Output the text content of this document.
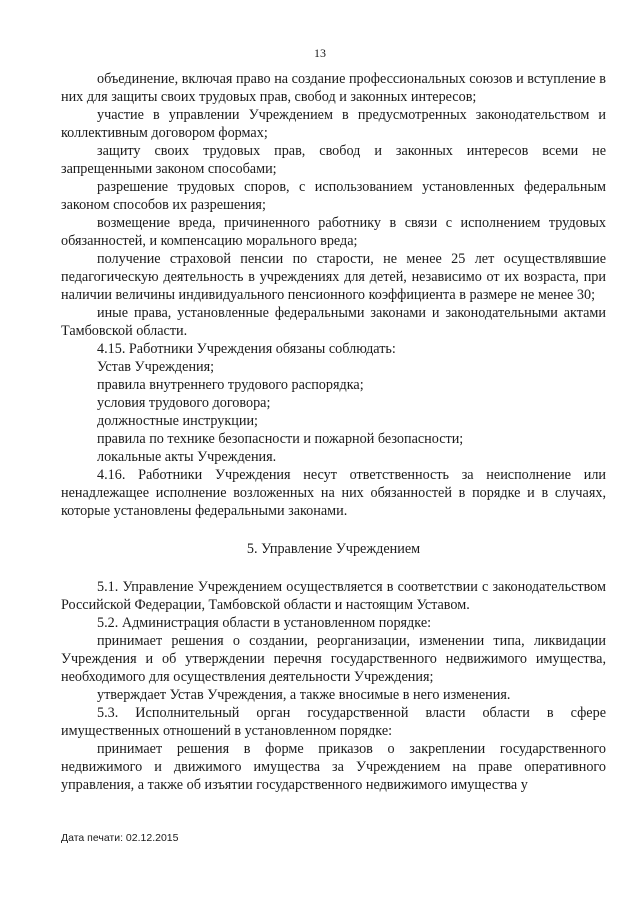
13

объединение, включая право на создание профессиональных союзов и вступление в них для защиты своих трудовых прав, свобод и законных интересов;

участие в управлении Учреждением в предусмотренных законодательством и коллективным договором формах;

защиту своих трудовых прав, свобод и законных интересов всеми не запрещенными законом способами;

разрешение трудовых споров, с использованием установленных федеральным законом способов их разрешения;

возмещение вреда, причиненного работнику в связи с исполнением трудовых обязанностей, и компенсацию морального вреда;

получение страховой пенсии по старости, не менее 25 лет осуществлявшие педагогическую деятельность в учреждениях для детей, независимо от их возраста, при наличии величины индивидуального пенсионного коэффициента в размере не менее 30;

иные права, установленные федеральными законами и законодательными актами Тамбовской области.

4.15. Работники Учреждения обязаны соблюдать:

Устав Учреждения;

правила внутреннего трудового распорядка;

условия трудового договора;

должностные инструкции;

правила по технике безопасности и пожарной безопасности;

локальные акты Учреждения.

4.16. Работники Учреждения несут ответственность за неисполнение или ненадлежащее исполнение возложенных на них обязанностей в порядке и в случаях, которые установлены федеральными законами.

5. Управление Учреждением

5.1. Управление Учреждением осуществляется в соответствии с законодательством Российской Федерации, Тамбовской области и настоящим Уставом.

5.2. Администрация области в установленном порядке:

принимает решения о создании, реорганизации, изменении типа, ликвидации Учреждения и об утверждении перечня государственного недвижимого имущества, необходимого для осуществления деятельности Учреждения;

утверждает Устав Учреждения, а также вносимые в него изменения.

5.3. Исполнительный орган государственной власти области в сфере имущественных отношений в установленном порядке:

принимает решения в форме приказов о закреплении государственного недвижимого и движимого имущества за Учреждением на праве оперативного управления, а также об изъятии государственного недвижимого имущества у

Дата печати: 02.12.2015
